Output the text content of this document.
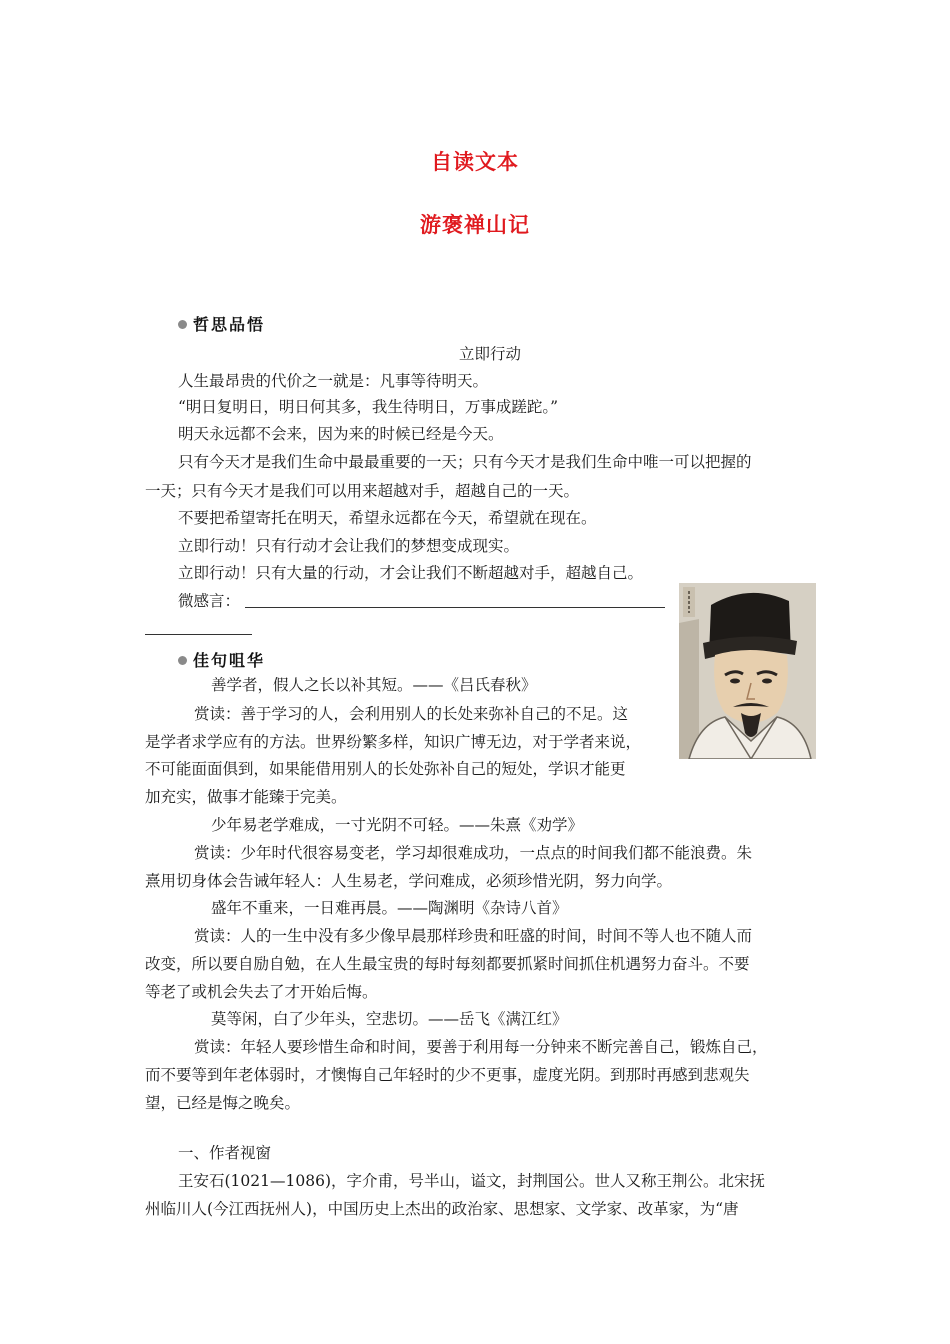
自读文本
游褒禅山记
哲思品悟
立即行动
人生最昂贵的代价之一就是：凡事等待明天。
“明日复明日，明日何其多，我生待明日，万事成蹉跎。”
明天永远都不会来，因为来的时候已经是今天。
只有今天才是我们生命中最最重要的一天；只有今天才是我们生命中唯一可以把握的
一天；只有今天才是我们可以用来超越对手，超越自己的一天。
不要把希望寄托在明天，希望永远都在今天，希望就在现在。
立即行动！只有行动才会让我们的梦想变成现实。
立即行动！只有大量的行动，才会让我们不断超越对手，超越自己。
微感言：
佳句咀华
善学者，假人之长以补其短。——《吕氏春秋》
赏读：善于学习的人，会利用别人的长处来弥补自己的不足。这
是学者求学应有的方法。世界纷繁多样，知识广博无边，对于学者来说，
不可能面面俱到，如果能借用别人的长处弥补自己的短处，学识才能更
加充实，做事才能臻于完美。
少年易老学难成，一寸光阴不可轻。——朱熹《劝学》
赏读：少年时代很容易变老，学习却很难成功，一点点的时间我们都不能浪费。朱
熹用切身体会告诫年轻人：人生易老，学问难成，必须珍惜光阴，努力向学。
盛年不重来，一日难再晨。——陶渊明《杂诗八首》
赏读：人的一生中没有多少像早晨那样珍贵和旺盛的时间，时间不等人也不随人而
改变，所以要自励自勉，在人生最宝贵的每时每刻都要抓紧时间抓住机遇努力奋斗。不要
等老了或机会失去了才开始后悔。
莫等闲，白了少年头，空悲切。——岳飞《满江红》
赏读：年轻人要珍惜生命和时间，要善于利用每一分钟来不断完善自己，锻炼自己，
而不要等到年老体弱时，才懊悔自己年轻时的少不更事，虚度光阴。到那时再感到悲观失
望，已经是悔之晚矣。
一、作者视窗
王安石(1021—1086)，字介甫，号半山，谥文，封荆国公。世人又称王荆公。北宋抚
州临川人(今江西抚州人)，中国历史上杰出的政治家、思想家、文学家、改革家，为“唐
